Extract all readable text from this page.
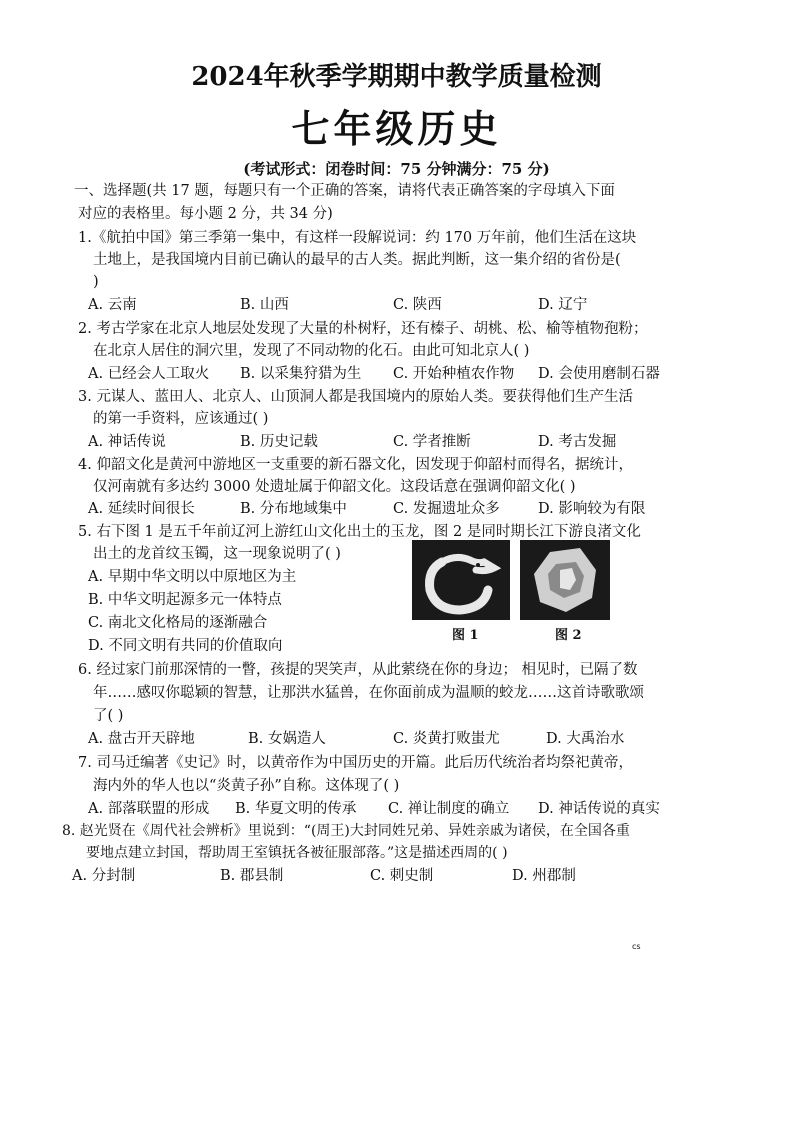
2024年秋季学期期中教学质量检测
七年级历史
(考试形式：闭卷时间：75 分钟满分：75 分)
一、选择题(共 17 题，每题只有一个正确的答案，请将代表正确答案的字母填入下面
对应的表格里。每小题 2 分，共 34 分)
1.《航拍中国》第三季第一集中，有这样一段解说词：约 170 万年前，他们生活在这块
土地上，是我国境内目前已确认的最早的古人类。据此判断，这一集介绍的省份是(
)
A. 云南	B. 山西	C. 陕西	D. 辽宁
2. 考古学家在北京人地层处发现了大量的朴树籽，还有榛子、胡桃、松、榆等植物孢粉；
在北京人居住的洞穴里，发现了不同动物的化石。由此可知北京人( )
A. 已经会人工取火 B. 以采集狩猎为生 C. 开始种植农作物 D. 会使用磨制石器
3. 元谋人、蓝田人、北京人、山顶洞人都是我国境内的原始人类。要获得他们生产生活
的第一手资料，应该通过( )
A. 神话传说	B. 历史记载	C. 学者推断	D. 考古发掘
4. 仰韶文化是黄河中游地区一支重要的新石器文化，因发现于仰韶村而得名，据统计，
仅河南就有多达约 3000 处遗址属于仰韶文化。这段话意在强调仰韶文化( )
A. 延续时间很长	B. 分布地域集中	C. 发掘遗址众多	D. 影响较为有限
5. 右下图 1 是五千年前辽河上游红山文化出土的玉龙，图 2 是同时期长江下游良渚文化
出土的龙首纹玉镯，这一现象说明了( )
A. 早期中华文明以中原地区为主
B. 中华文明起源多元一体特点
C. 南北文化格局的逐渐融合
D. 不同文明有共同的价值取向
图 1	图 2
6. 经过家门前那深情的一瞥，孩提的哭笑声，从此萦绕在你的身边； 相见时，已隔了数
年……感叹你聪颖的智慧，让那洪水猛兽，在你面前成为温顺的蛟龙……这首诗歌歌颂
了( )
A. 盘古开天辟地	B. 女娲造人	C. 炎黄打败蚩尤	D. 大禹治水
7. 司马迁编著《史记》时，以黄帝作为中国历史的开篇。此后历代统治者均祭祀黄帝，
海内外的华人也以“炎黄子孙”自称。这体现了( )
A. 部落联盟的形成 B. 华夏文明的传承 C. 禅让制度的确立 D. 神话传说的真实
8. 赵光贤在《周代社会辨析》里说到：“(周王)大封同姓兄弟、异姓亲戚为诸侯，在全国各重
要地点建立封国，帮助周王室镇抚各被征服部落。”这是描述西周的( )
A. 分封制	B. 郡县制	C. 刺史制	D. 州郡制
cs
